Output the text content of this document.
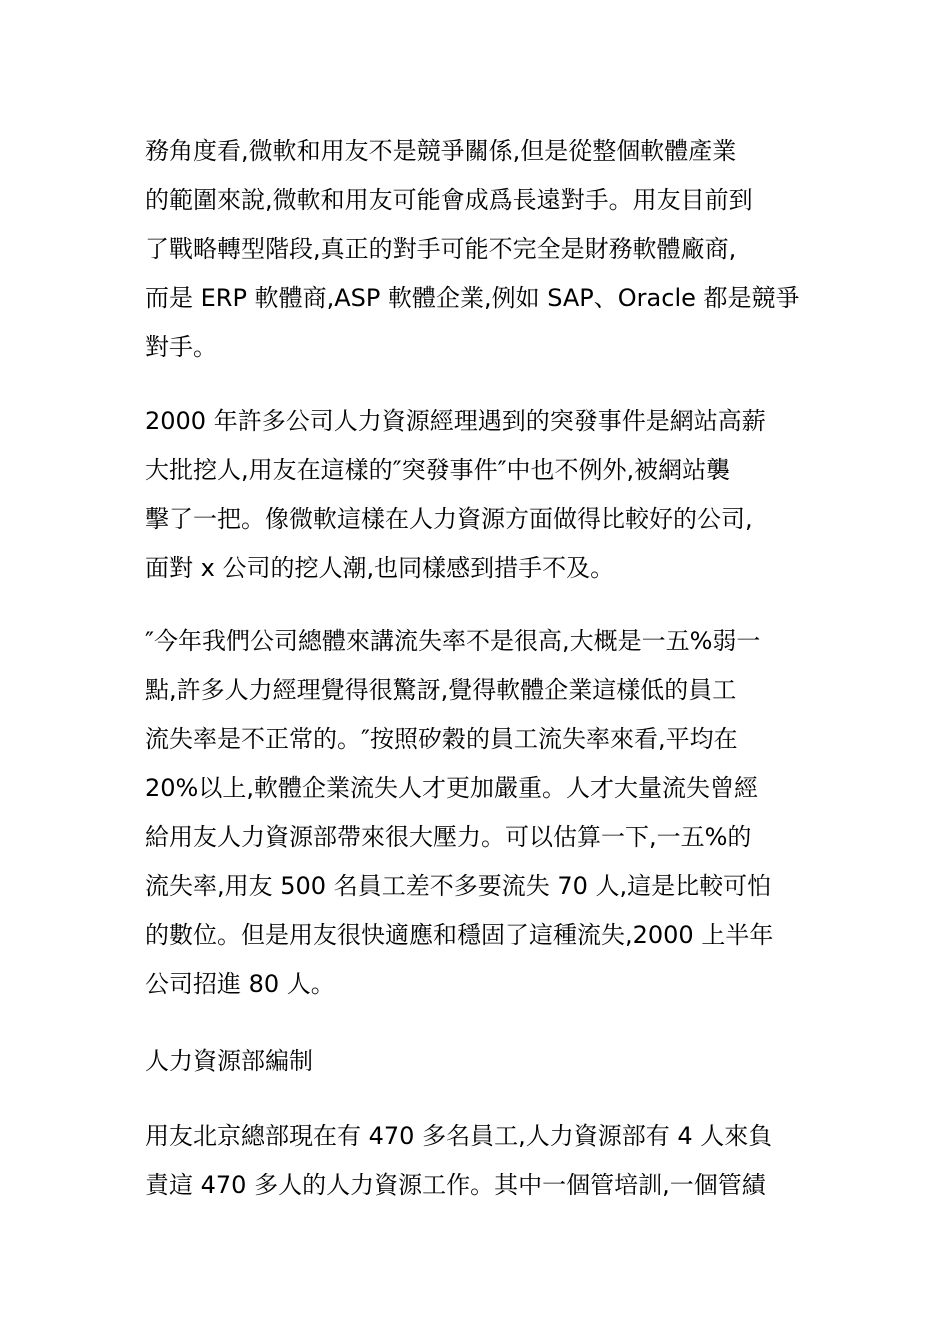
務角度看,微軟和用友不是競爭關係,但是從整個軟體產業
的範圍來說,微軟和用友可能會成爲長遠對手。用友目前到
了戰略轉型階段,真正的對手可能不完全是財務軟體廠商,
而是 ERP 軟體商,ASP 軟體企業,例如 SAP、Oracle 都是競爭
對手。
2000 年許多公司人力資源經理遇到的突發事件是網站高薪
大批挖人,用友在這樣的″突發事件″中也不例外,被網站襲
擊了一把。像微軟這樣在人力資源方面做得比較好的公司,
面對 x 公司的挖人潮,也同樣感到措手不及。
″今年我們公司總體來講流失率不是很高,大概是一五%弱一
點,許多人力經理覺得很驚訝,覺得軟體企業這樣低的員工
流失率是不正常的。″按照矽穀的員工流失率來看,平均在
20%以上,軟體企業流失人才更加嚴重。人才大量流失曾經
給用友人力資源部帶來很大壓力。可以估算一下,一五%的
流失率,用友 500 名員工差不多要流失 70 人,這是比較可怕
的數位。但是用友很快適應和穩固了這種流失,2000 上半年
公司招進 80 人。
人力資源部編制
用友北京總部現在有 470 多名員工,人力資源部有 4 人來負
責這 470 多人的人力資源工作。其中一個管培訓,一個管績
